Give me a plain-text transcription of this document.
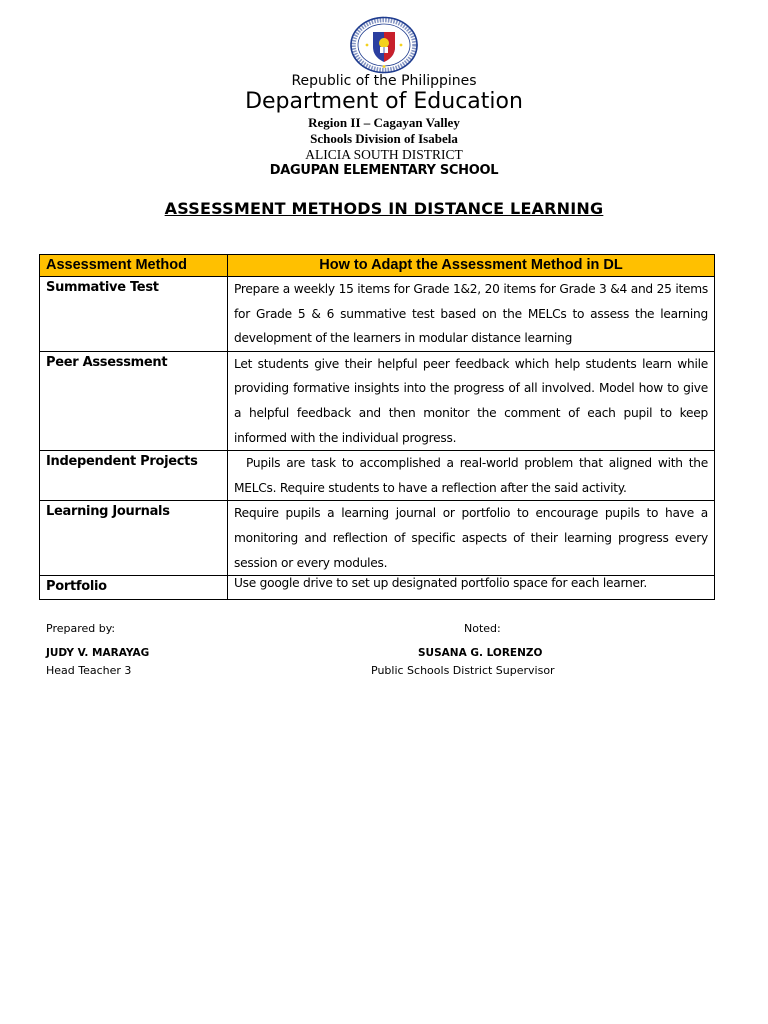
Republic of the Philippines
Department of Education
Region II – Cagayan Valley
Schools Division of Isabela
ALICIA SOUTH DISTRICT
DAGUPAN ELEMENTARY SCHOOL
ASSESSMENT METHODS IN DISTANCE LEARNING
Assessment Method	How to Adapt the Assessment Method in DL
Summative Test	Prepare a weekly 15 items for Grade 1&2, 20 items for Grade 3 &4 and 25 items for Grade 5 & 6 summative test based on the MELCs to assess the learning development of the learners in modular distance learning
Peer Assessment	Let students give their helpful peer feedback which help students learn while providing formative insights into the progress of all involved. Model how to give a helpful feedback and then monitor the comment of each pupil to keep informed with the individual progress.
Independent Projects	Pupils are task to accomplished a real-world problem that aligned with the MELCs. Require students to have a reflection after the said activity.
Learning Journals	Require pupils a learning journal or portfolio to encourage pupils to have a monitoring and reflection of specific aspects of their learning progress every session or every modules.
Portfolio	Use google drive to set up designated portfolio space for each learner.
Prepared by:
JUDY V. MARAYAG
Head Teacher 3
Noted:
SUSANA G. LORENZO
Public Schools District Supervisor
